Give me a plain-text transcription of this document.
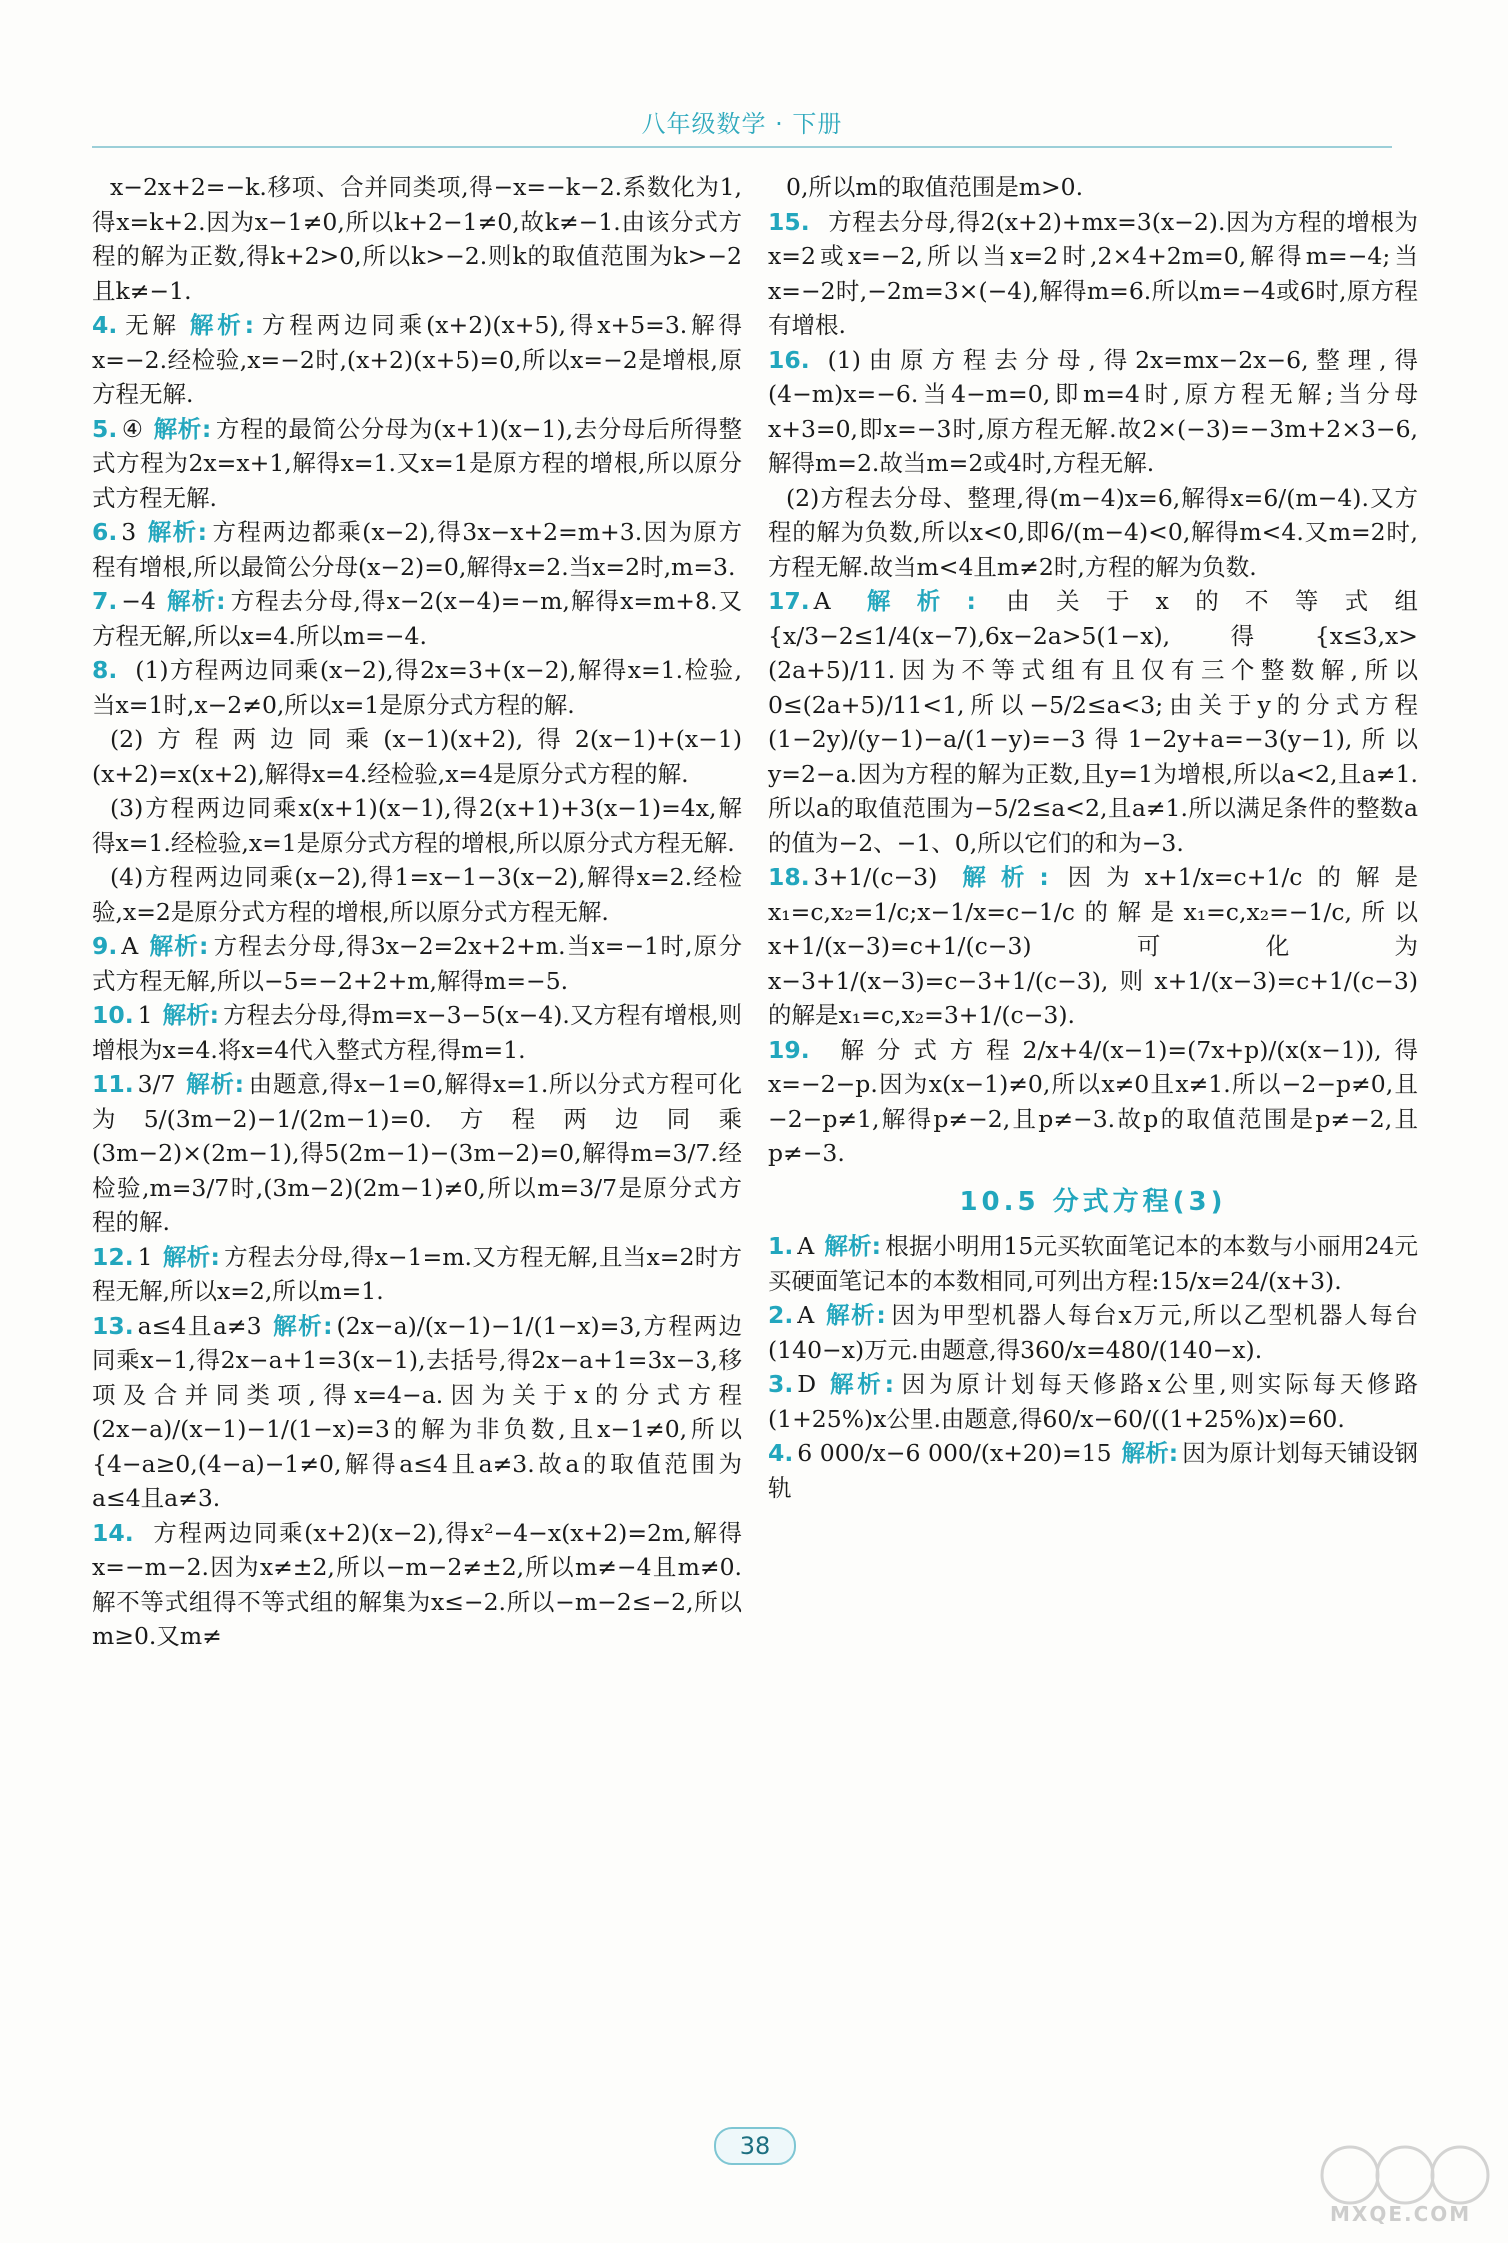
八年级数学 · 下册

x−2x+2=−k.移项、合并同类项,得−x=−k−2.系数化为1,得x=k+2.因为x−1≠0,所以k+2−1≠0,故k≠−1.由该分式方程的解为正数,得k+2>0,所以k>−2.则k的取值范围为k>−2且k≠−1.

4. 无解 解析: 方程两边同乘(x+2)(x+5),得x+5=3.解得x=−2.经检验,x=−2时,(x+2)(x+5)=0,所以x=−2是增根,原方程无解.

5. ④ 解析: 方程的最简公分母为(x+1)(x−1),去分母后所得整式方程为2x=x+1,解得x=1.又x=1是原方程的增根,所以原分式方程无解.

6. 3 解析: 方程两边都乘(x−2),得3x−x+2=m+3.因为原方程有增根,所以最简公分母(x−2)=0,解得x=2.当x=2时,m=3.

7. −4 解析: 方程去分母,得x−2(x−4)=−m,解得x=m+8.又方程无解,所以x=4.所以m=−4.

8. (1)方程两边同乘(x−2),得2x=3+(x−2),解得x=1.检验,当x=1时,x−2≠0,所以x=1是原分式方程的解.

(2)方程两边同乘(x−1)(x+2),得2(x−1)+(x−1)(x+2)=x(x+2),解得x=4.经检验,x=4是原分式方程的解.

(3)方程两边同乘x(x+1)(x−1),得2(x+1)+3(x−1)=4x,解得x=1.经检验,x=1是原分式方程的增根,所以原分式方程无解.

(4)方程两边同乘(x−2),得1=x−1−3(x−2),解得x=2.经检验,x=2是原分式方程的增根,所以原分式方程无解.

9. A 解析: 方程去分母,得3x−2=2x+2+m.当x=−1时,原分式方程无解,所以−5=−2+2+m,解得m=−5.

10. 1 解析: 方程去分母,得m=x−3−5(x−4).又方程有增根,则增根为x=4.将x=4代入整式方程,得m=1.

11. 3/7 解析: 由题意,得x−1=0,解得x=1.所以分式方程可化为5/(3m−2)−1/(2m−1)=0.方程两边同乘(3m−2)×(2m−1),得5(2m−1)−(3m−2)=0,解得m=3/7.经检验,m=3/7时,(3m−2)(2m−1)≠0,所以m=3/7是原分式方程的解.

12. 1 解析: 方程去分母,得x−1=m.又方程无解,且当x=2时方程无解,所以x=2,所以m=1.

13. a≤4且a≠3 解析: (2x−a)/(x−1)−1/(1−x)=3,方程两边同乘x−1,得2x−a+1=3(x−1),去括号,得2x−a+1=3x−3,移项及合并同类项,得x=4−a.因为关于x的分式方程(2x−a)/(x−1)−1/(1−x)=3的解为非负数,且x−1≠0,所以{4−a≥0,(4−a)−1≠0,解得a≤4且a≠3.故a的取值范围为a≤4且a≠3.

14. 方程两边同乘(x+2)(x−2),得x²−4−x(x+2)=2m,解得x=−m−2.因为x≠±2,所以−m−2≠±2,所以m≠−4且m≠0.解不等式组得不等式组的解集为x≤−2.所以−m−2≤−2,所以m≥0.又m≠

0,所以m的取值范围是m>0.

15. 方程去分母,得2(x+2)+mx=3(x−2).因为方程的增根为x=2或x=−2,所以当x=2时,2×4+2m=0,解得m=−4;当x=−2时,−2m=3×(−4),解得m=6.所以m=−4或6时,原方程有增根.

16. (1)由原方程去分母,得2x=mx−2x−6,整理,得(4−m)x=−6.当4−m=0,即m=4时,原方程无解;当分母x+3=0,即x=−3时,原方程无解.故2×(−3)=−3m+2×3−6,解得m=2.故当m=2或4时,方程无解.

(2)方程去分母、整理,得(m−4)x=6,解得x=6/(m−4).又方程的解为负数,所以x<0,即6/(m−4)<0,解得m<4.又m=2时,方程无解.故当m<4且m≠2时,方程的解为负数.

17. A 解析: 由关于x的不等式组{x/3−2≤1/4(x−7),6x−2a>5(1−x),得{x≤3,x>(2a+5)/11.因为不等式组有且仅有三个整数解,所以0≤(2a+5)/11<1,所以−5/2≤a<3;由关于y的分式方程(1−2y)/(y−1)−a/(1−y)=−3得1−2y+a=−3(y−1),所以y=2−a.因为方程的解为正数,且y=1为增根,所以a<2,且a≠1.所以a的取值范围为−5/2≤a<2,且a≠1.所以满足条件的整数a的值为−2、−1、0,所以它们的和为−3.

18. 3+1/(c−3) 解析: 因为x+1/x=c+1/c的解是x₁=c,x₂=1/c;x−1/x=c−1/c的解是x₁=c,x₂=−1/c,所以x+1/(x−3)=c+1/(c−3)可化为x−3+1/(x−3)=c−3+1/(c−3),则x+1/(x−3)=c+1/(c−3)的解是x₁=c,x₂=3+1/(c−3).

19. 解分式方程2/x+4/(x−1)=(7x+p)/(x(x−1)),得x=−2−p.因为x(x−1)≠0,所以x≠0且x≠1.所以−2−p≠0,且−2−p≠1,解得p≠−2,且p≠−3.故p的取值范围是p≠−2,且p≠−3.

10.5 分式方程(3)

1. A 解析: 根据小明用15元买软面笔记本的本数与小丽用24元买硬面笔记本的本数相同,可列出方程:15/x=24/(x+3).

2. A 解析: 因为甲型机器人每台x万元,所以乙型机器人每台(140−x)万元.由题意,得360/x=480/(140−x).

3. D 解析: 因为原计划每天修路x公里,则实际每天修路(1+25%)x公里.由题意,得60/x−60/((1+25%)x)=60.

4. 6 000/x−6 000/(x+20)=15 解析: 因为原计划每天铺设钢轨

38
MXQE.COM
